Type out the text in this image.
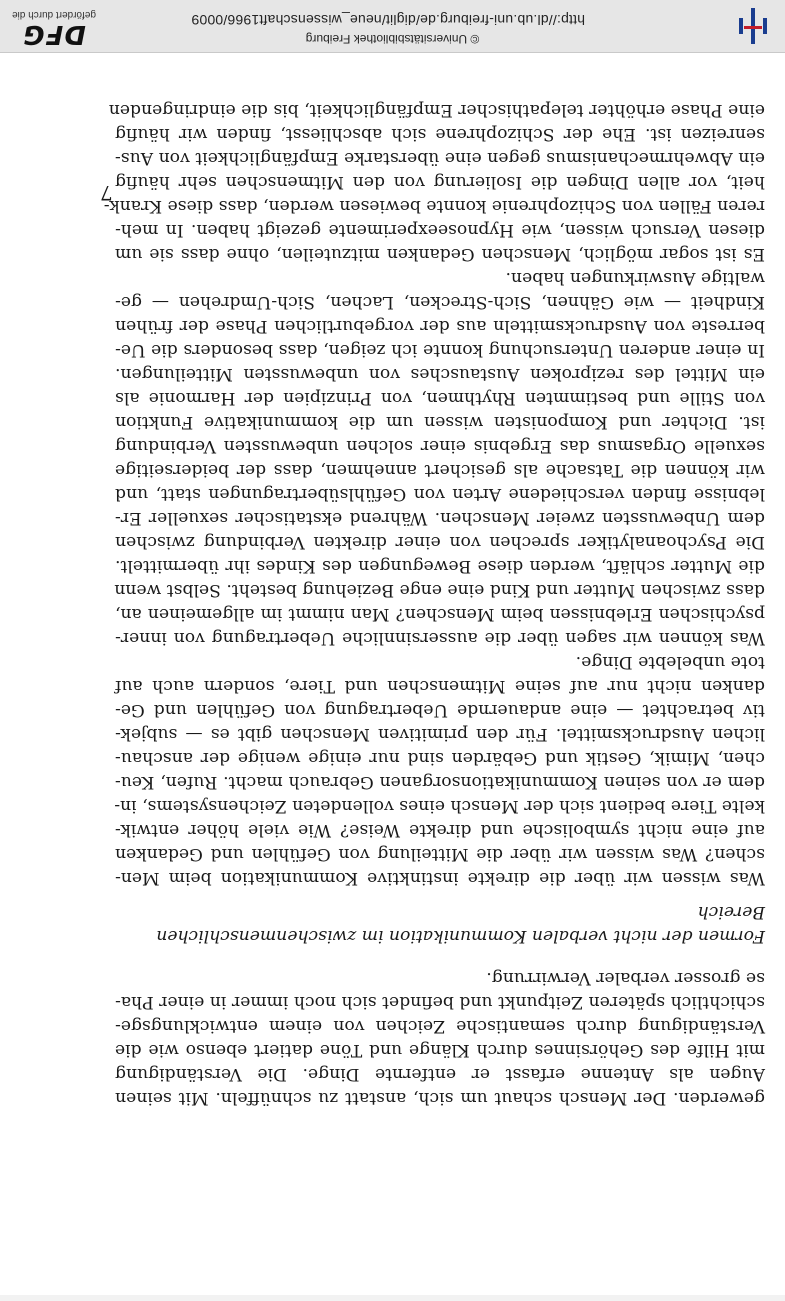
gewerden. Der Mensch schaut um sich, anstatt zu schnüffeln. Mit seinen
Augen als Antenne erfasst er entfernte Dinge. Die Verständigung
mit Hilfe des Gehörsinnes durch Klänge und Töne datiert ebenso wie die
Verständigung durch semantische Zeichen von einem entwicklungsge-
schichtlich späteren Zeitpunkt und befindet sich noch immer in einer Pha-
se grosser verbaler Verwirrung.
Formen der nicht verbalen Kommunikation im zwischenmenschlichen
Bereich
Was wissen wir über die direkte instinktive Kommunikation beim Men-
schen? Was wissen wir über die Mitteilung von Gefühlen und Gedanken
auf eine nicht symbolische und direkte Weise? Wie viele höher entwik-
kelte Tiere bedient sich der Mensch eines vollendeten Zeichensystems, in-
dem er von seinen Kommunikationsorganen Gebrauch macht. Rufen, Keu-
chen, Mimik, Gestik und Gebärden sind nur einige wenige der anschau-
lichen Ausdrucksmittel. Für den primitiven Menschen gibt es — subjek-
tiv betrachtet — eine andauernde Uebertragung von Gefühlen und Ge-
danken nicht nur auf seine Mitmenschen und Tiere, sondern auch auf
tote unbelebte Dinge.
Was können wir sagen über die aussersinnliche Uebertragung von inner-
psychischen Erlebnissen beim Menschen? Man nimmt im allgemeinen an,
dass zwischen Mutter und Kind eine enge Beziehung besteht. Selbst wenn
die Mutter schläft, werden diese Bewegungen des Kindes ihr übermittelt.
Die Psychoanalytiker sprechen von einer direkten Verbindung zwischen
dem Unbewussten zweier Menschen. Während ekstatischer sexueller Er-
lebnisse finden verschiedene Arten von Gefühlsübertragungen statt, und
wir können die Tatsache als gesichert annehmen, dass der beiderseitige
sexuelle Orgasmus das Ergebnis einer solchen unbewussten Verbindung
ist. Dichter und Komponisten wissen um die kommunikative Funktion
von Stille und bestimmten Rhythmen, von Prinzipien der Harmonie als
ein Mittel des reziproken Austausches von unbewussten Mitteilungen.
In einer anderen Untersuchung konnte ich zeigen, dass besonders die Ue-
berreste von Ausdrucksmitteln aus der vorgeburtlichen Phase der frühen
Kindheit — wie Gähnen, Sich-Strecken, Lachen, Sich-Umdrehen — ge-
waltige Auswirkungen haben.
Es ist sogar möglich, Menschen Gedanken mitzuteilen, ohne dass sie um
diesen Versuch wissen, wie Hypnoseexperimente gezeigt haben. In meh-
reren Fällen von Schizophrenie konnte bewiesen werden, dass diese Krank-
heit, vor allen Dingen die Isolierung von den Mitmenschen sehr häufig
ein Abwehrmechanismus gegen eine überstarke Empfänglichkeit von Aus-
senreizen ist. Ehe der Schizophrene sich abschliesst, finden wir häufig
eine Phase erhöhter telepathischer Empfänglichkeit, bis die eindringenden
7
© Universitätsbibliothek Freiburg
http://dl.ub.uni-freiburg.de/diglit/neue_wissenschaft1966/0009
DFG
gefördert durch die
